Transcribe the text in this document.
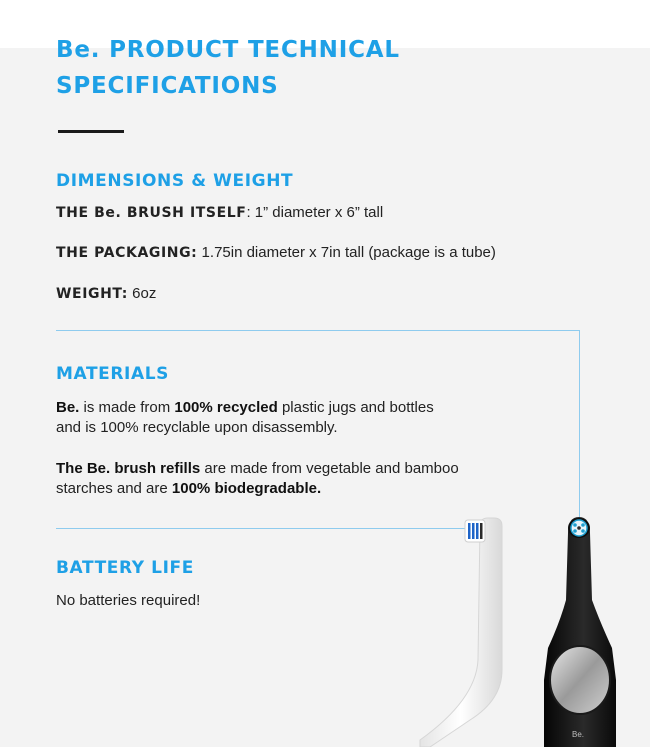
Be. PRODUCT TECHNICAL
SPECIFICATIONS
DIMENSIONS & WEIGHT

THE Be. BRUSH ITSELF: 1” diameter x 6” tall

THE PACKAGING: 1.75in diameter x 7in tall (package is a tube)

WEIGHT: 6oz

MATERIALS

Be. is made from 100% recycled plastic jugs and bottles
and is 100% recyclable upon disassembly.

The Be. brush refills are made from vegetable and bamboo
starches and are 100% biodegradable.

BATTERY LIFE

No batteries required!

Be.
